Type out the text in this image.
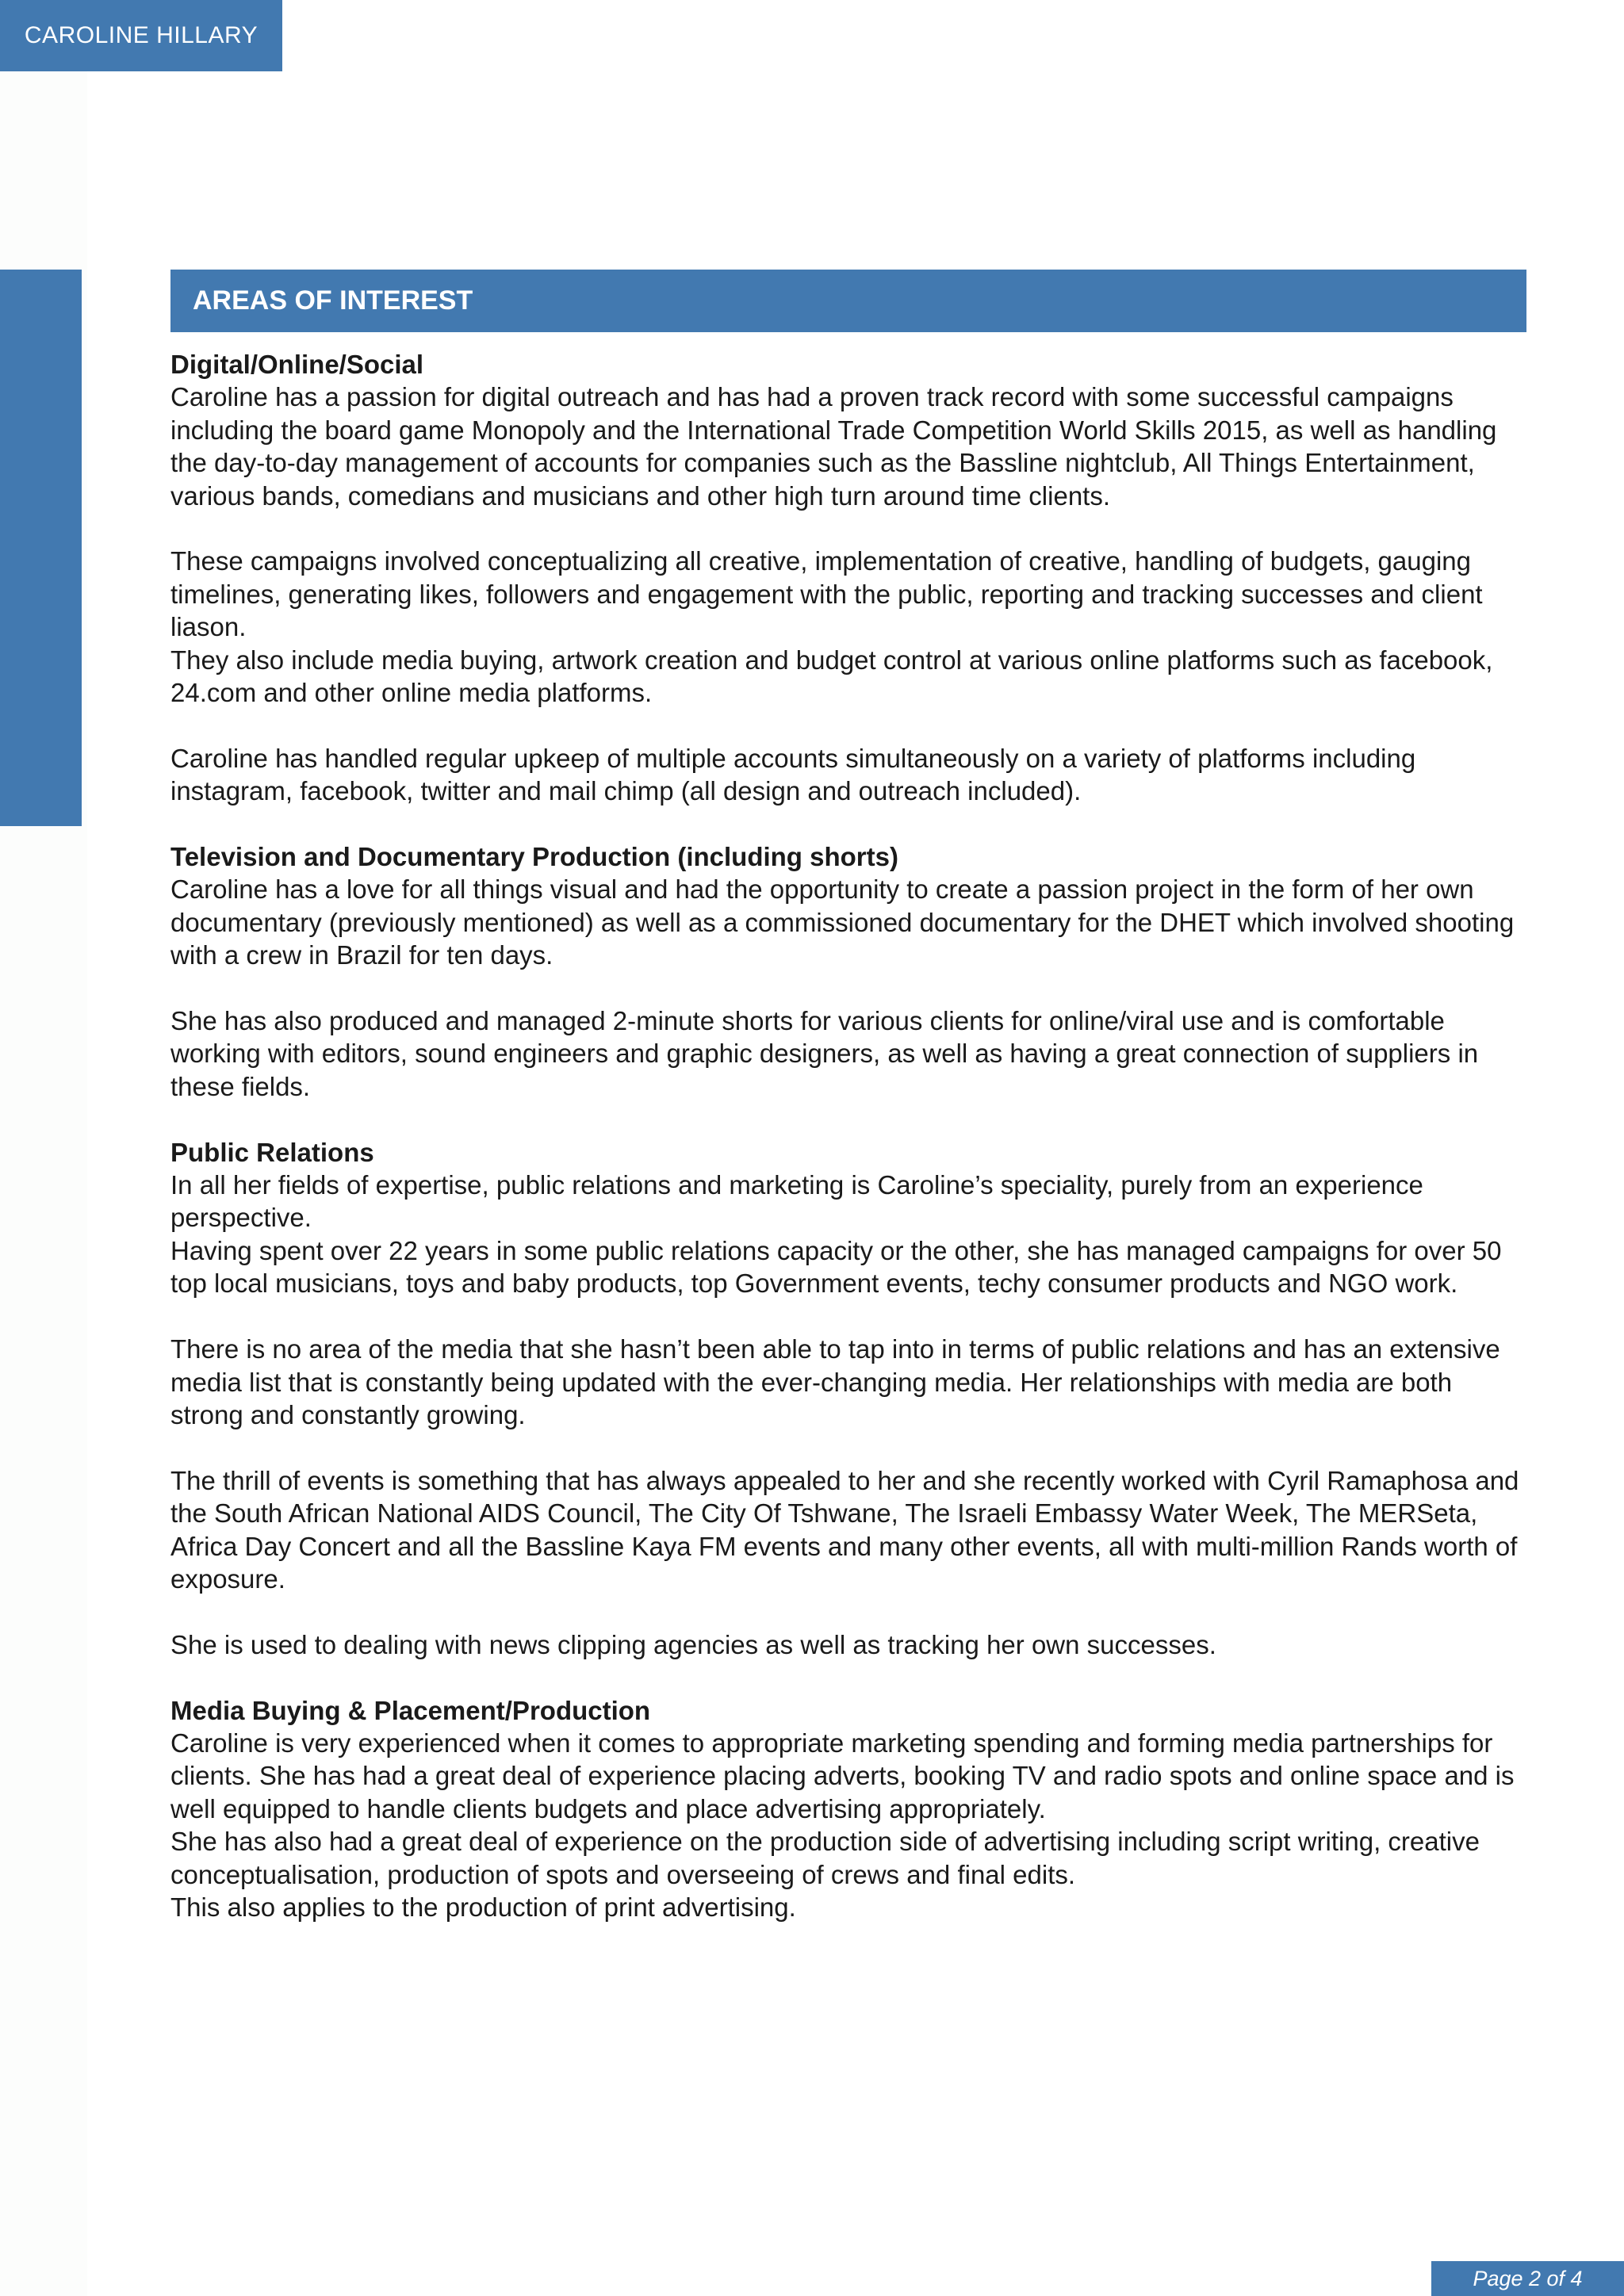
CAROLINE HILLARY
AREAS OF INTEREST

Digital/Online/Social

Caroline has a passion for digital outreach and has had a proven track record with some successful campaigns including the board game Monopoly and the International Trade Competition World Skills 2015, as well as handling the day-to-day management of accounts for companies such as the Bassline nightclub, All Things Entertainment, various bands, comedians and musicians and other high turn around time clients.

These campaigns involved conceptualizing all creative, implementation of creative, handling of budgets, gauging timelines, generating likes, followers and engagement with the public, reporting and tracking successes and client liason.

They also include media buying, artwork creation and budget control at various online platforms such as facebook, 24.com and other online media platforms.

Caroline has handled regular upkeep of multiple accounts simultaneously on a variety of platforms including instagram, facebook, twitter and mail chimp (all design and outreach included).

Television and Documentary Production (including shorts)

Caroline has a love for all things visual and had the opportunity to create a passion project in the form of her own documentary (previously mentioned) as well as a commissioned documentary for the DHET which involved shooting with a crew in Brazil for ten days.

She has also produced and managed 2-minute shorts for various clients for online/viral use and is comfortable working with editors, sound engineers and graphic designers, as well as having a great connection of suppliers in these fields.

Public Relations

In all her fields of expertise, public relations and marketing is Caroline’s speciality, purely from an experience perspective.

Having spent over 22 years in some public relations capacity or the other, she has managed campaigns for over 50 top local musicians, toys and baby products, top Government events, techy consumer products and NGO work.

There is no area of the media that she hasn’t been able to tap into in terms of public relations and has an extensive media list that is constantly being updated with the ever-changing media. Her relationships with media are both strong and constantly growing.

The thrill of events is something that has always appealed to her and she recently worked with Cyril Ramaphosa and the South African National AIDS Council, The City Of Tshwane, The Israeli Embassy Water Week, The MERSeta, Africa Day Concert and all the Bassline Kaya FM events and many other events, all with multi-million Rands worth of exposure.

She is used to dealing with news clipping agencies as well as tracking her own successes.

Media Buying & Placement/Production

Caroline is very experienced when it comes to appropriate marketing spending and forming media partnerships for clients. She has had a great deal of experience placing adverts, booking TV and radio spots and online space and is well equipped to handle clients budgets and place advertising appropriately.

She has also had a great deal of experience on the production side of advertising including script writing, creative conceptualisation, production of spots and overseeing of crews and final edits.

This also applies to the production of print advertising.

Page 2 of 4
